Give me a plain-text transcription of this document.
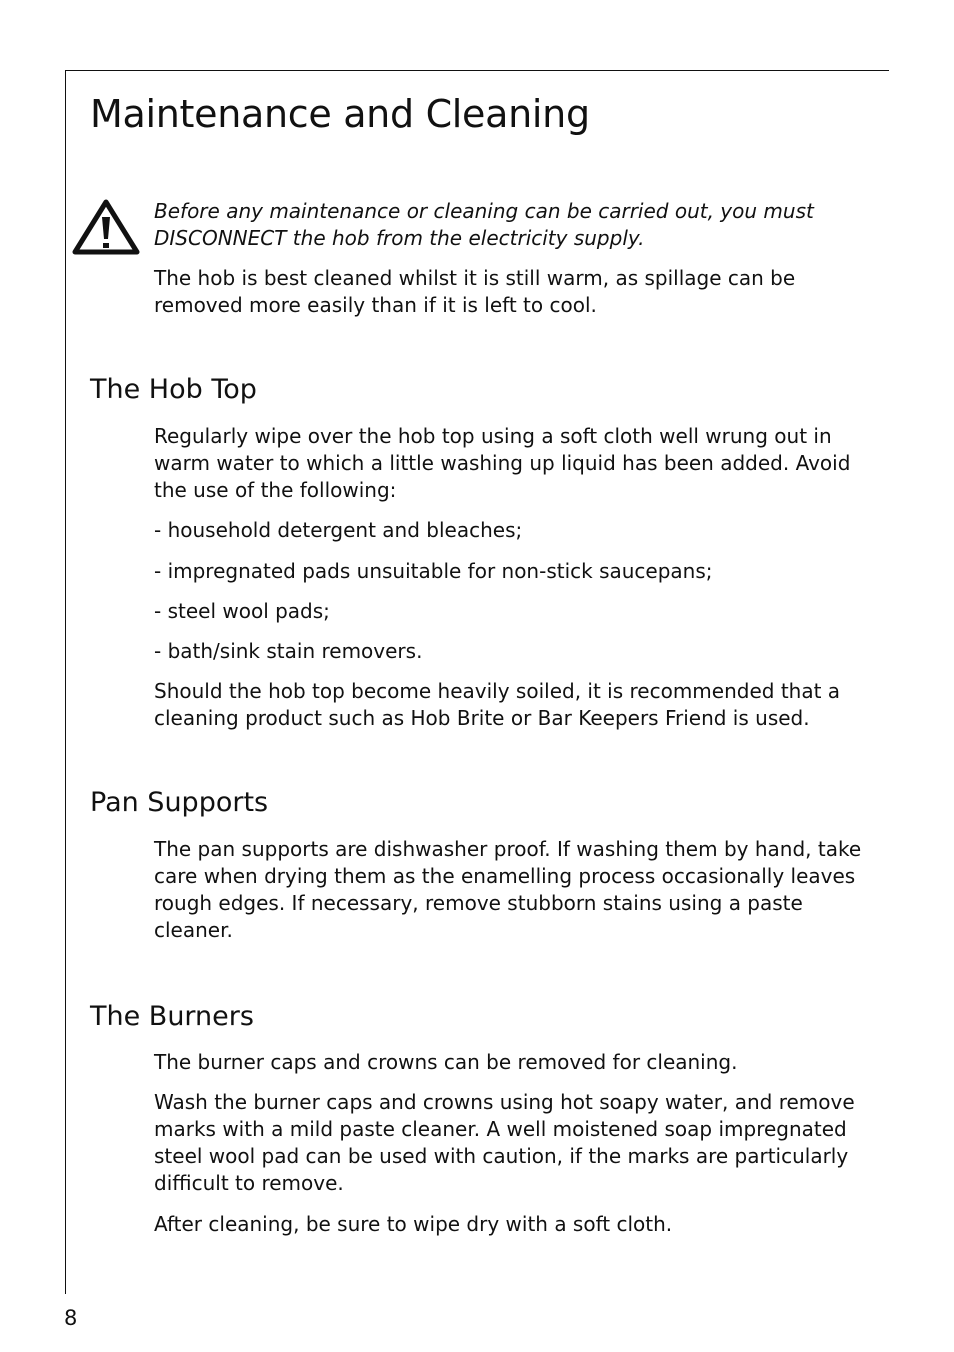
Maintenance and Cleaning

Before any maintenance or cleaning can be carried out, you must DISCONNECT the hob from the electricity supply.

The hob is best cleaned whilst it is still warm, as spillage can be removed more easily than if it is left to cool.

The Hob Top

Regularly wipe over the hob top using a soft cloth well wrung out in warm water to which a little washing up liquid has been added. Avoid the use of the following:

- household detergent and bleaches;

- impregnated pads unsuitable for non-stick saucepans;

- steel wool pads;

- bath/sink stain removers.

Should the hob top become heavily soiled, it is recommended that a cleaning product such as Hob Brite or Bar Keepers Friend is used.

Pan Supports

The pan supports are dishwasher proof. If washing them by hand, take care when drying them as the enamelling process occasionally leaves rough edges. If necessary, remove stubborn stains using a paste cleaner.

The Burners

The burner caps and crowns can be removed for cleaning.

Wash the burner caps and crowns using hot soapy water, and remove marks with a mild paste cleaner. A well moistened soap impregnated steel wool pad can be used with caution, if the marks are particularly difficult to remove.

After cleaning, be sure to wipe dry with a soft cloth.

8
